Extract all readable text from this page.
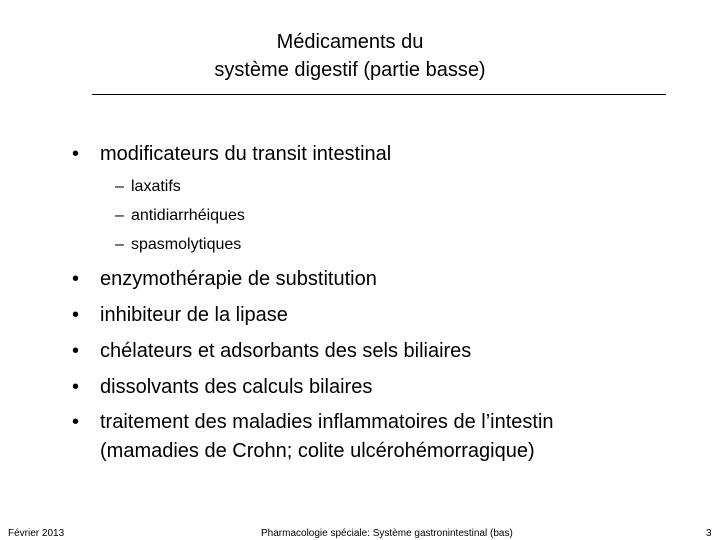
Médicaments du
système digestif (partie basse)
•	modificateurs du transit intestinal
– laxatifs
– antidiarrhéiques
– spasmolytiques
•	enzymothérapie de substitution
•	inhibiteur de la lipase
•	chélateurs et adsorbants des sels biliaires
•	dissolvants des calculs bilaires
•	traitement des maladies inflammatoires de l’intestin
(mamadies de Crohn; colite ulcérohémorragique)
Février 2013	Pharmacologie spéciale: Système gastronintestinal (bas)	3
